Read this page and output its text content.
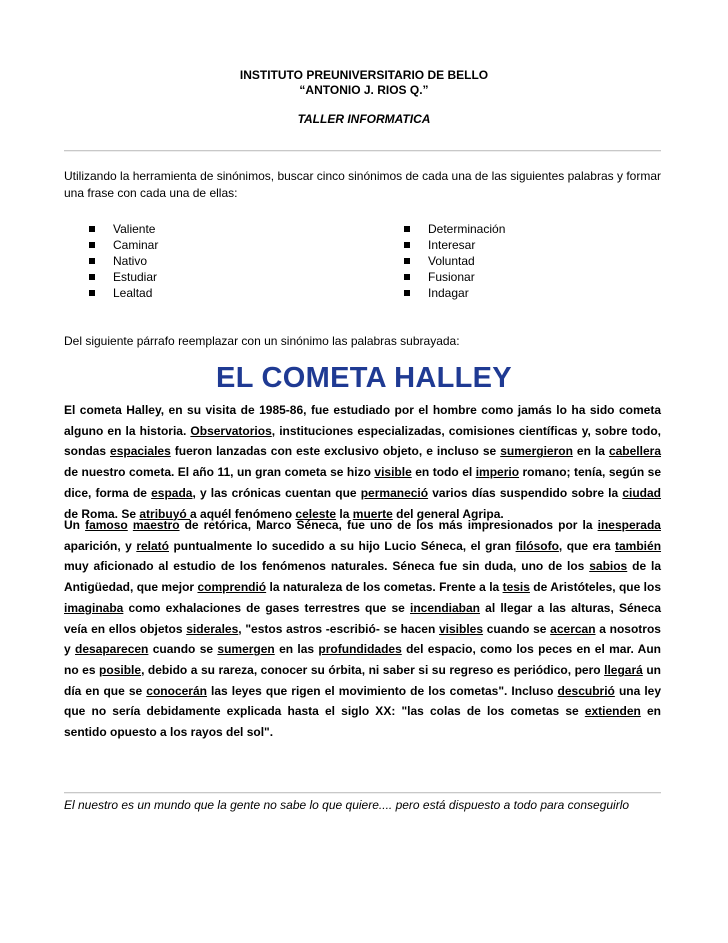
INSTITUTO PREUNIVERSITARIO DE BELLO
“ANTONIO J. RIOS Q.”
TALLER INFORMATICA
Utilizando la herramienta de sinónimos, buscar cinco sinónimos de cada una de las siguientes palabras y formar una frase con cada una de ellas:
Valiente
Caminar
Nativo
Estudiar
Lealtad
Determinación
Interesar
Voluntad
Fusionar
Indagar
Del siguiente párrafo reemplazar con un sinónimo las palabras subrayada:
EL COMETA HALLEY

El cometa Halley, en su visita de 1985-86, fue estudiado por el hombre como jamás lo ha sido cometa alguno en la historia. Observatorios, instituciones especializadas, comisiones científicas y, sobre todo, sondas espaciales fueron lanzadas con este exclusivo objeto, e incluso se sumergieron en la cabellera de nuestro cometa. El año 11, un gran cometa se hizo visible en todo el imperio romano; tenía, según se dice, forma de espada, y las crónicas cuentan que permaneció varios días suspendido sobre la ciudad de Roma. Se atribuyó a aquél fenómeno celeste la muerte del general Agripa.

Un famoso maestro de retórica, Marco Séneca, fue uno de los más impresionados por la inesperada aparición, y relató puntualmente lo sucedido a su hijo Lucio Séneca, el gran filósofo, que era también muy aficionado al estudio de los fenómenos naturales. Séneca fue sin duda, uno de los sabios de la Antigüedad, que mejor comprendió la naturaleza de los cometas. Frente a la tesis de Aristóteles, que los imaginaba como exhalaciones de gases terrestres que se incendiaban al llegar a las alturas, Séneca veía en ellos objetos siderales, "estos astros -escribió- se hacen visibles cuando se acercan a nosotros y desaparecen cuando se sumergen en las profundidades del espacio, como los peces en el mar. Aun no es posible, debido a su rareza, conocer su órbita, ni saber si su regreso es periódico, pero llegará un día en que se conocerán las leyes que rigen el movimiento de los cometas". Incluso descubrió una ley que no sería debidamente explicada hasta el siglo XX: "las colas de los cometas se extienden en sentido opuesto a los rayos del sol".

El nuestro es un mundo que la gente no sabe lo que quiere.... pero está dispuesto a todo para conseguirlo
